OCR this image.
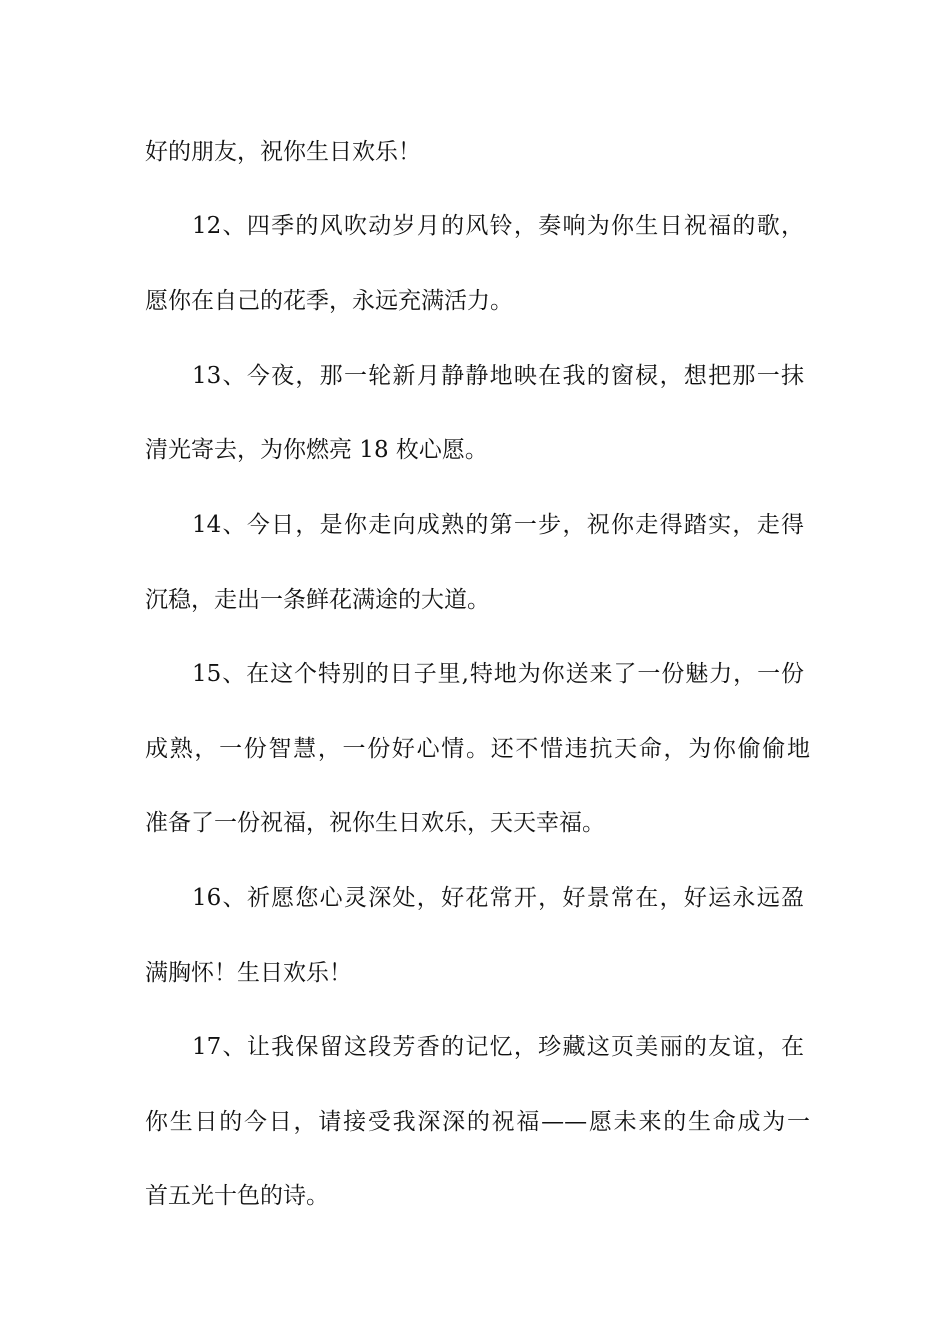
好的朋友，祝你生日欢乐！
12、四季的风吹动岁月的风铃，奏响为你生日祝福的歌，
愿你在自己的花季，永远充满活力。
13、今夜，那一轮新月静静地映在我的窗棂，想把那一抹
清光寄去，为你燃亮 18 枚心愿。
14、今日，是你走向成熟的第一步，祝你走得踏实，走得
沉稳，走出一条鲜花满途的大道。
15、在这个特别的日子里,特地为你送来了一份魅力，一份
成熟，一份智慧，一份好心情。还不惜违抗天命，为你偷偷地
准备了一份祝福，祝你生日欢乐，天天幸福。
16、祈愿您心灵深处，好花常开，好景常在，好运永远盈
满胸怀！生日欢乐！
17、让我保留这段芳香的记忆，珍藏这页美丽的友谊，在
你生日的今日，请接受我深深的祝福——愿未来的生命成为一
首五光十色的诗。
